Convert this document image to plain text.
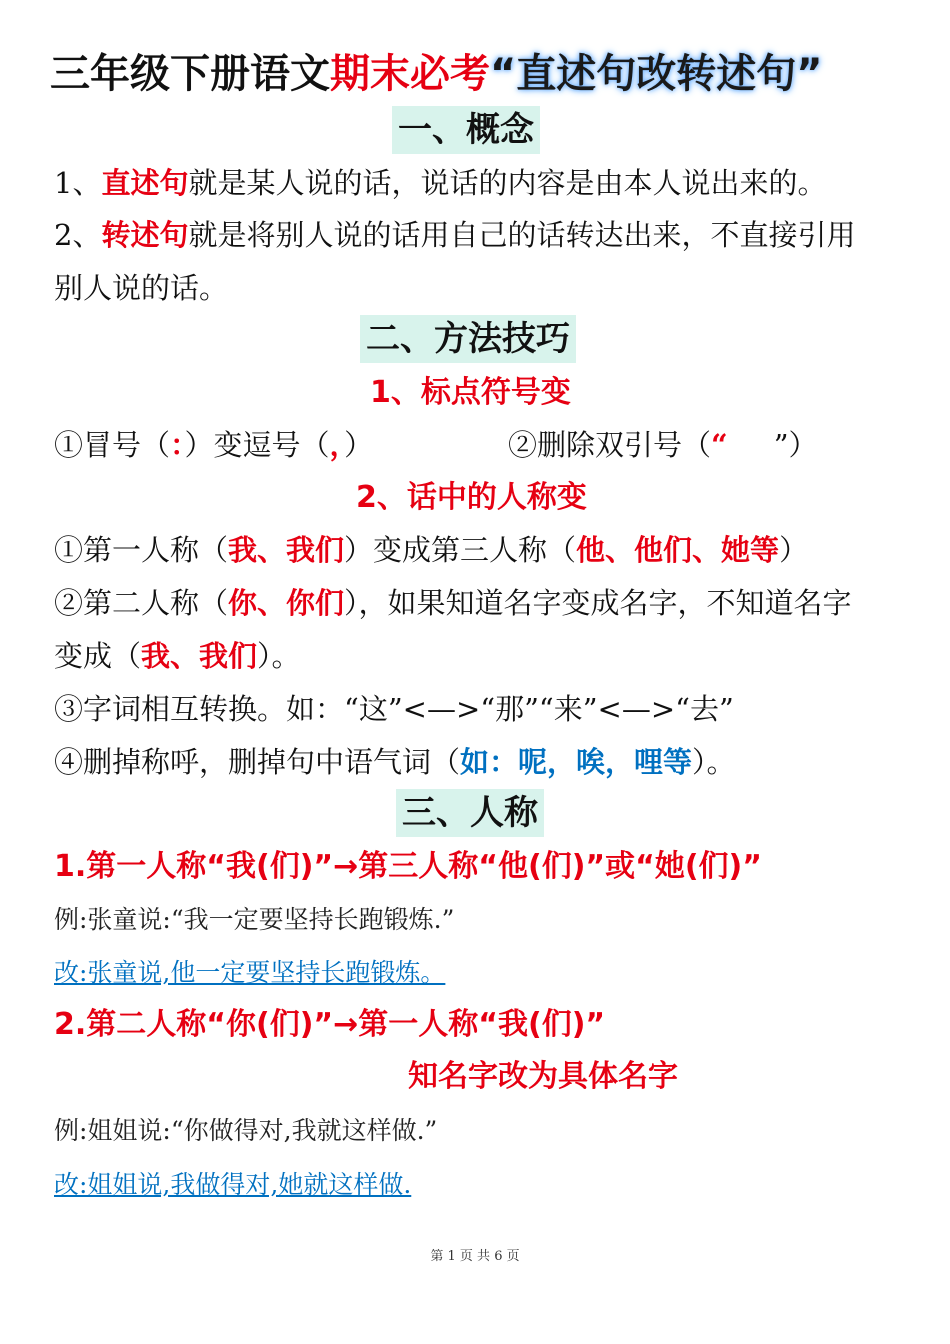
三年级下册语文期末必考“直述句改转述句”
一、概念
1、直述句就是某人说的话，说话的内容是由本人说出来的。
2、转述句就是将别人说的话用自己的话转达出来，不直接引用
别人说的话。
二、方法技巧
1、标点符号变
①冒号（：）变逗号（，）	②删除双引号（“ ”）
2、话中的人称变
①第一人称（我、我们）变成第三人称（他、他们、她等）
②第二人称（你、你们），如果知道名字变成名字，不知道名字
变成（我、我们）。
③字词相互转换。如：“这”<—>“那”“来”<—>“去”
④删掉称呼，删掉句中语气词（如：呢，唉，哩等）。
三、人称
1.第一人称“我(们)”→第三人称“他(们)”或“她(们)”
例:张童说:“我一定要坚持长跑锻炼.”
改:张童说,他一定要坚持长跑锻炼。
2.第二人称“你(们)”→第一人称“我(们)”
知名字改为具体名字
例:姐姐说:“你做得对,我就这样做.”
改:姐姐说,我做得对,她就这样做.
第 1 页 共 6 页
